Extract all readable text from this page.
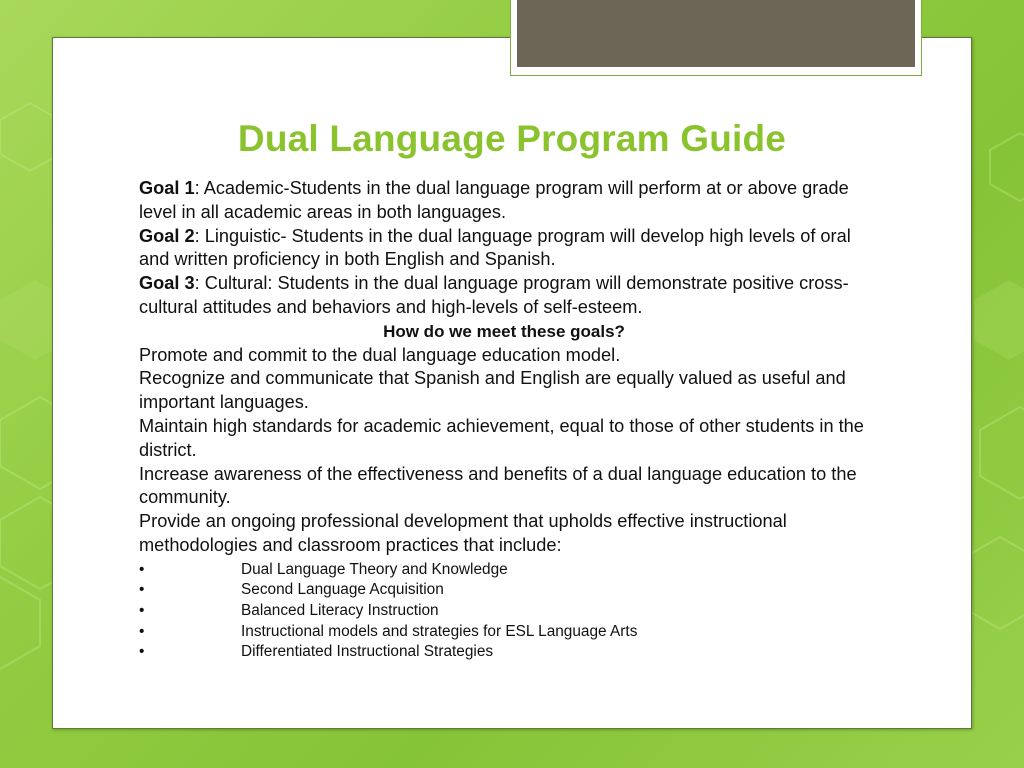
Dual Language Program Guide

Goal 1: Academic-Students in the dual language program will perform at or above grade level in all academic areas in both languages.

Goal 2: Linguistic- Students in the dual language program will develop high levels of oral and written proficiency in both English and Spanish.

Goal 3: Cultural: Students in the dual language program will demonstrate positive cross-cultural attitudes and behaviors and high-levels of self-esteem.

How do we meet these goals?

Promote and commit to the dual language education model.

Recognize and communicate that Spanish and English are equally valued as useful and important languages.

Maintain high standards for academic achievement, equal to those of other students in the district.

Increase awareness of the effectiveness and benefits of a dual language education to the community.

Provide an ongoing professional development that upholds effective instructional methodologies and classroom practices that include:

•	Dual Language Theory and Knowledge
•	Second Language Acquisition
•	Balanced Literacy Instruction
•	Instructional models and strategies for ESL Language Arts
•	Differentiated Instructional Strategies
